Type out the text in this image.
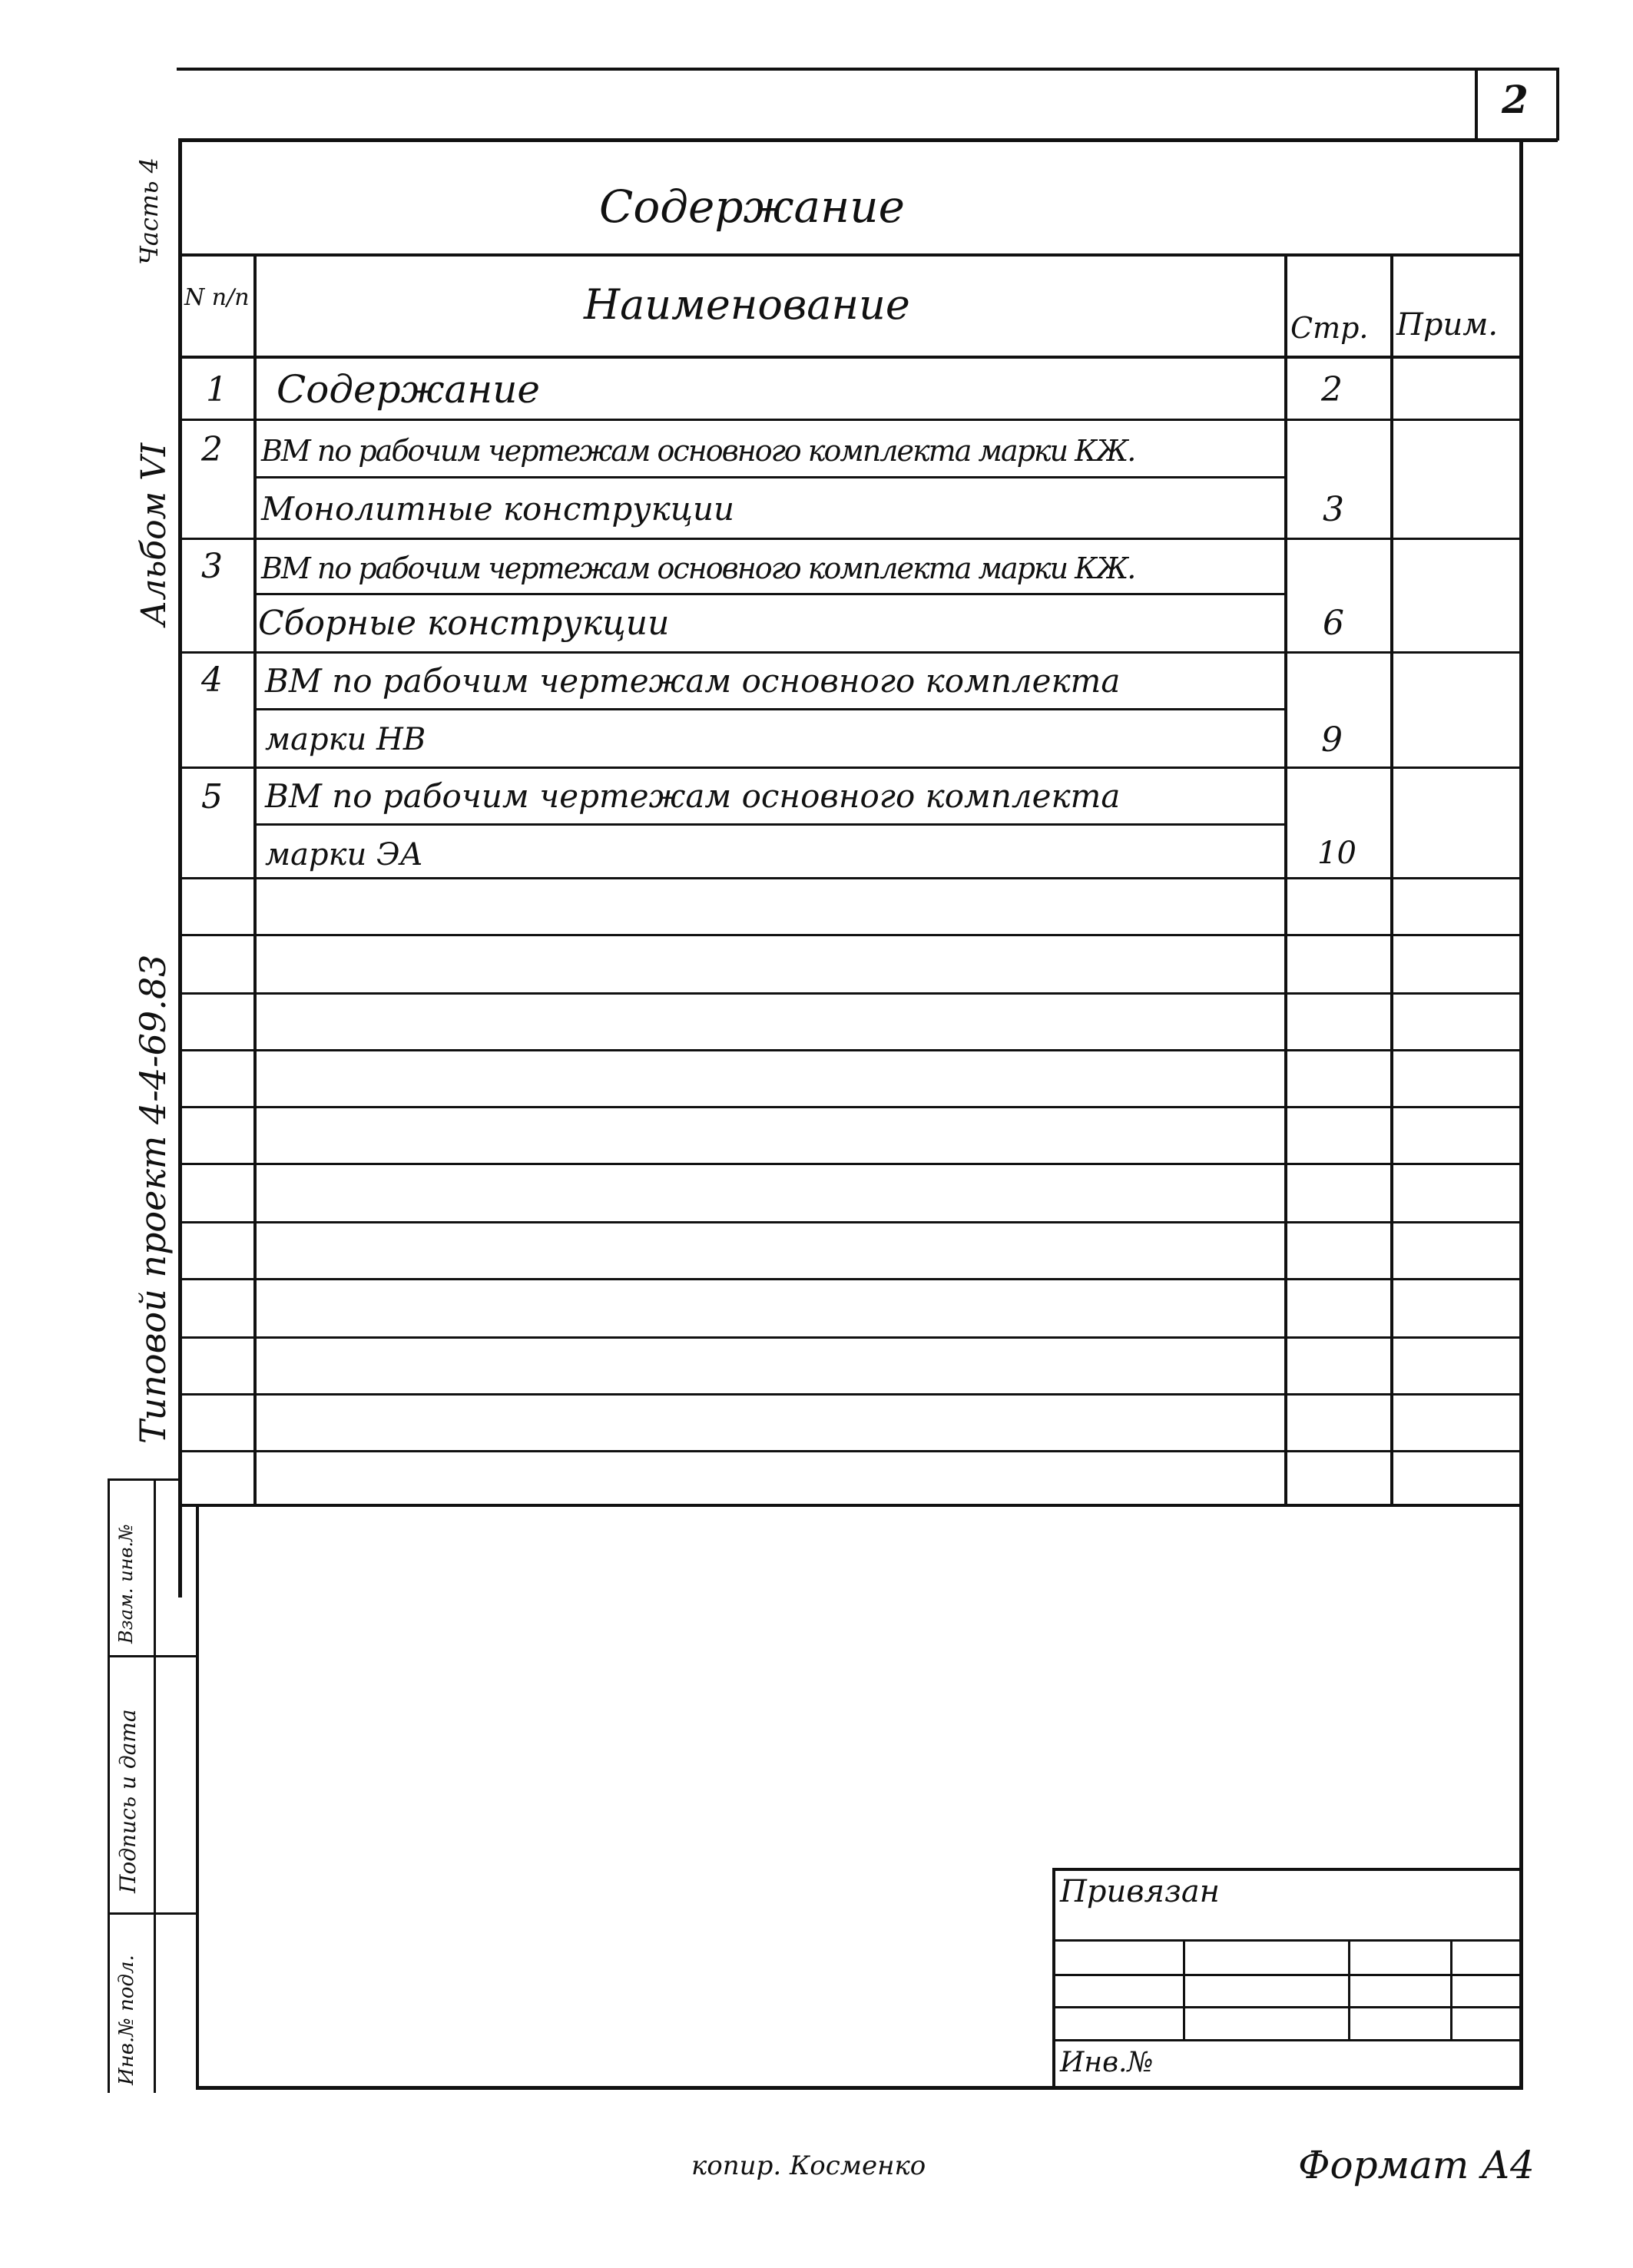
2
Содержание
N п/п	Наименование	Стр. Прим.
1 Содержание	2
2 ВМ по рабочим чертежам основного комплекта марки КЖ.
Монолитные конструкции	3
3 ВМ по рабочим чертежам основного комплекта марки КЖ.
Сборные конструкции	6
4 ВМ по рабочим чертежам основного комплекта
марки НВ	9
5 ВМ по рабочим чертежам основного комплекта
марки ЭА	10
Часть 4
Альбом VI
Типовой проект 4-4-69.83
Взам. инв.№
Подпись и дата
Инв.№ подл.
Привязан
Инв.№
копир. Косменко	Формат А4
